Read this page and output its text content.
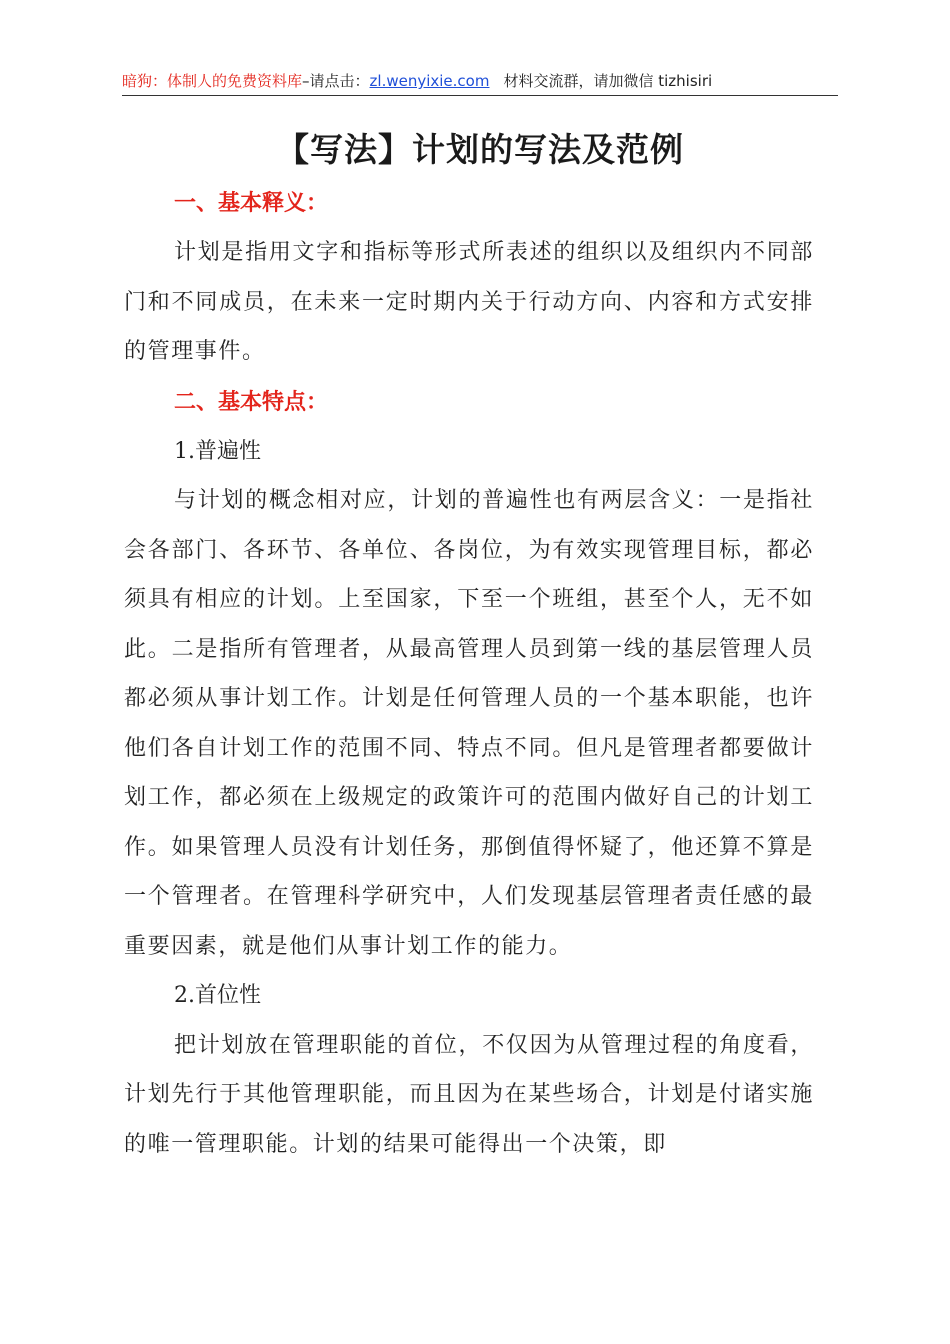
暗狗：体制人的免费资料库–请点击：zl.wenyixie.com 材料交流群，请加微信 tizhisiri
【写法】计划的写法及范例

一、基本释义：

计划是指用文字和指标等形式所表述的组织以及组织内不同部门和不同成员，在未来一定时期内关于行动方向、内容和方式安排的管理事件。

二、基本特点：

1.普遍性

与计划的概念相对应，计划的普遍性也有两层含义：一是指社会各部门、各环节、各单位、各岗位，为有效实现管理目标，都必须具有相应的计划。上至国家，下至一个班组，甚至个人，无不如此。二是指所有管理者，从最高管理人员到第一线的基层管理人员都必须从事计划工作。计划是任何管理人员的一个基本职能，也许他们各自计划工作的范围不同、特点不同。但凡是管理者都要做计划工作，都必须在上级规定的政策许可的范围内做好自己的计划工作。如果管理人员没有计划任务，那倒值得怀疑了，他还算不算是一个管理者。在管理科学研究中，人们发现基层管理者责任感的最重要因素，就是他们从事计划工作的能力。

2.首位性

把计划放在管理职能的首位，不仅因为从管理过程的角度看，计划先行于其他管理职能，而且因为在某些场合，计划是付诸实施的唯一管理职能。计划的结果可能得出一个决策，即
